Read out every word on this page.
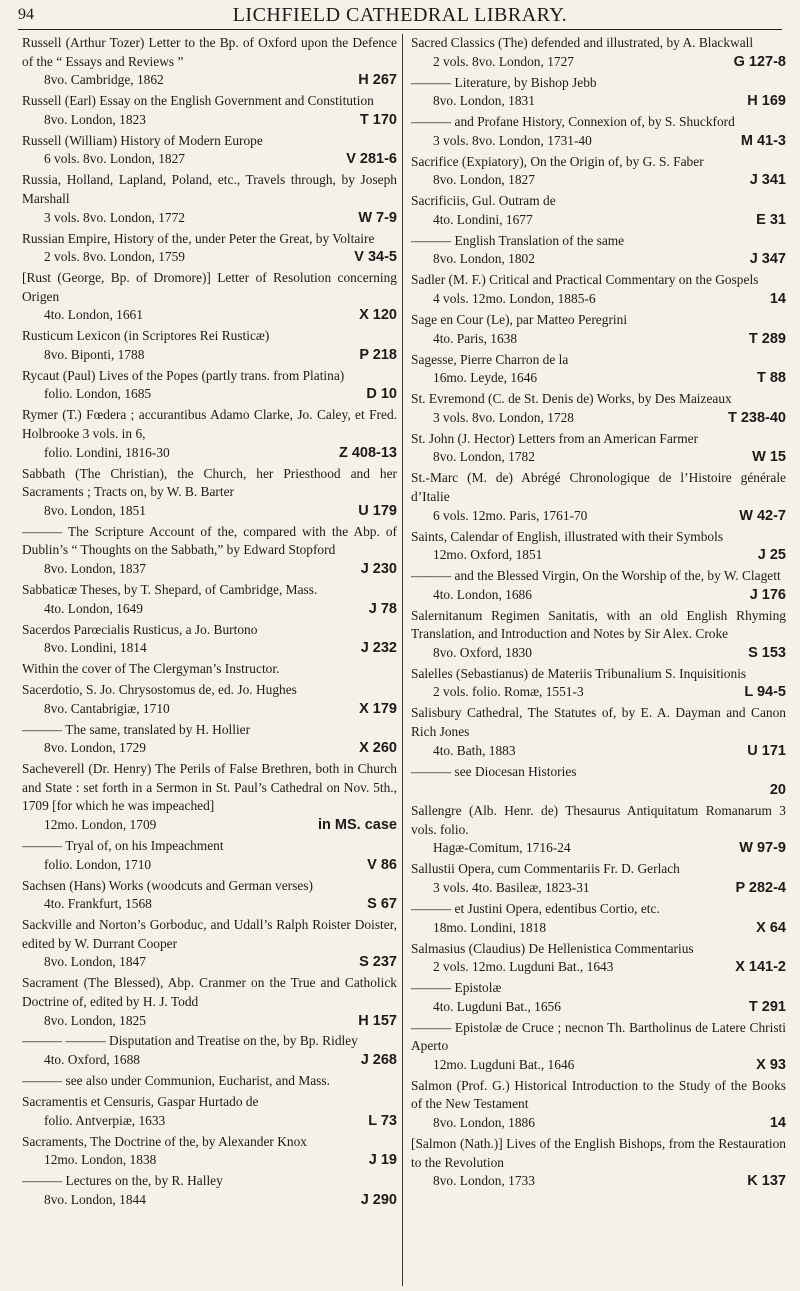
94	LICHFIELD CATHEDRAL LIBRARY.
Russell (Arthur Tozer) Letter to the Bp. of Oxford upon the Defence of the “ Essays and Reviews ”
8vo. Cambridge, 1862	H 267
Russell (Earl) Essay on the English Government and Constitution
8vo. London, 1823	T 170
Russell (William) History of Modern Europe
6 vols. 8vo. London, 1827	V 281-6
Russia, Holland, Lapland, Poland, etc., Travels through, by Joseph Marshall
3 vols. 8vo. London, 1772	W 7-9
Russian Empire, History of the, under Peter the Great, by Voltaire
2 vols. 8vo. London, 1759	V 34-5
[Rust (George, Bp. of Dromore)] Letter of Resolution concerning Origen
4to. London, 1661	X 120
Rusticum Lexicon (in Scriptores Rei Rusticæ)
8vo. Biponti, 1788	P 218
Rycaut (Paul) Lives of the Popes (partly trans. from Platina)
folio. London, 1685	D 10
Rymer (T.) Fœdera ; accurantibus Adamo Clarke, Jo. Caley, et Fred. Holbrooke 3 vols. in 6,
folio. Londini, 1816-30	Z 408-13
Sabbath (The Christian), the Church, her Priesthood and her Sacraments ; Tracts on, by W. B. Barter
8vo. London, 1851	U 179
——— The Scripture Account of the, compared with the Abp. of Dublin’s “ Thoughts on the Sabbath,” by Edward Stopford
8vo. London, 1837	J 230
Sabbaticæ Theses, by T. Shepard, of Cambridge, Mass.
4to. London, 1649	J 78
Sacerdos Parœcialis Rusticus, a Jo. Burtono
8vo. Londini, 1814	J 232
Within the cover of The Clergyman’s Instructor.
Sacerdotio, S. Jo. Chrysostomus de, ed. Jo. Hughes
8vo. Cantabrigiæ, 1710	X 179
——— The same, translated by H. Hollier
8vo. London, 1729	X 260
Sacheverell (Dr. Henry) The Perils of False Brethren, both in Church and State : set forth in a Sermon in St. Paul’s Cathedral on Nov. 5th., 1709 [for which he was impeached]
12mo. London, 1709	in MS. case
——— Tryal of, on his Impeachment
folio. London, 1710	V 86
Sachsen (Hans) Works (woodcuts and German verses)
4to. Frankfurt, 1568	S 67
Sackville and Norton’s Gorboduc, and Udall’s Ralph Roister Doister, edited by W. Durrant Cooper
8vo. London, 1847	S 237
Sacrament (The Blessed), Abp. Cranmer on the True and Catholick Doctrine of, edited by H. J. Todd
8vo. London, 1825	H 157
——— ——— Disputation and Treatise on the, by Bp. Ridley
4to. Oxford, 1688	J 268
——— see also under Communion, Eucharist, and Mass.
Sacramentis et Censuris, Gaspar Hurtado de
folio. Antverpiæ, 1633	L 73
Sacraments, The Doctrine of the, by Alexander Knox
12mo. London, 1838	J 19
——— Lectures on the, by R. Halley
8vo. London, 1844	J 290
Sacred Classics (The) defended and illustrated, by A. Blackwall
2 vols. 8vo. London, 1727	G 127-8
——— Literature, by Bishop Jebb
8vo. London, 1831	H 169
——— and Profane History, Connexion of, by S. Shuckford
3 vols. 8vo. London, 1731-40	M 41-3
Sacrifice (Expiatory), On the Origin of, by G. S. Faber
8vo. London, 1827	J 341
Sacrificiis, Gul. Outram de
4to. Londini, 1677	E 31
——— English Translation of the same
8vo. London, 1802	J 347
Sadler (M. F.) Critical and Practical Commentary on the Gospels
4 vols. 12mo. London, 1885-6	14
Sage en Cour (Le), par Matteo Peregrini
4to. Paris, 1638	T 289
Sagesse, Pierre Charron de la
16mo. Leyde, 1646	T 88
St. Evremond (C. de St. Denis de) Works, by Des Maizeaux
3 vols. 8vo. London, 1728	T 238-40
St. John (J. Hector) Letters from an American Farmer
8vo. London, 1782	W 15
St.-Marc (M. de) Abrégé Chronologique de l’Histoire générale d’Italie
6 vols. 12mo. Paris, 1761-70	W 42-7
Saints, Calendar of English, illustrated with their Symbols
12mo. Oxford, 1851	J 25
——— and the Blessed Virgin, On the Worship of the, by W. Clagett
4to. London, 1686	J 176
Salernitanum Regimen Sanitatis, with an old English Rhyming Translation, and Introduction and Notes by Sir Alex. Croke
8vo. Oxford, 1830	S 153
Salelles (Sebastianus) de Materiis Tribunalium S. Inquisitionis
2 vols. folio. Romæ, 1551-3	L 94-5
Salisbury Cathedral, The Statutes of, by E. A. Dayman and Canon Rich Jones
4to. Bath, 1883	U 171
——— see Diocesan Histories
20
Sallengre (Alb. Henr. de) Thesaurus Antiquitatum Romanarum 3 vols. folio.
Hagæ-Comitum, 1716-24	W 97-9
Sallustii Opera, cum Commentariis Fr. D. Gerlach
3 vols. 4to. Basileæ, 1823-31	P 282-4
——— et Justini Opera, edentibus Cortio, etc.
18mo. Londini, 1818	X 64
Salmasius (Claudius) De Hellenistica Commentarius
2 vols. 12mo. Lugduni Bat., 1643	X 141-2
——— Epistolæ
4to. Lugduni Bat., 1656	T 291
——— Epistolæ de Cruce ; necnon Th. Bartholinus de Latere Christi Aperto
12mo. Lugduni Bat., 1646	X 93
Salmon (Prof. G.) Historical Introduction to the Study of the Books of the New Testament
8vo. London, 1886	14
[Salmon (Nath.)] Lives of the English Bishops, from the Restauration to the Revolution
8vo. London, 1733	K 137
